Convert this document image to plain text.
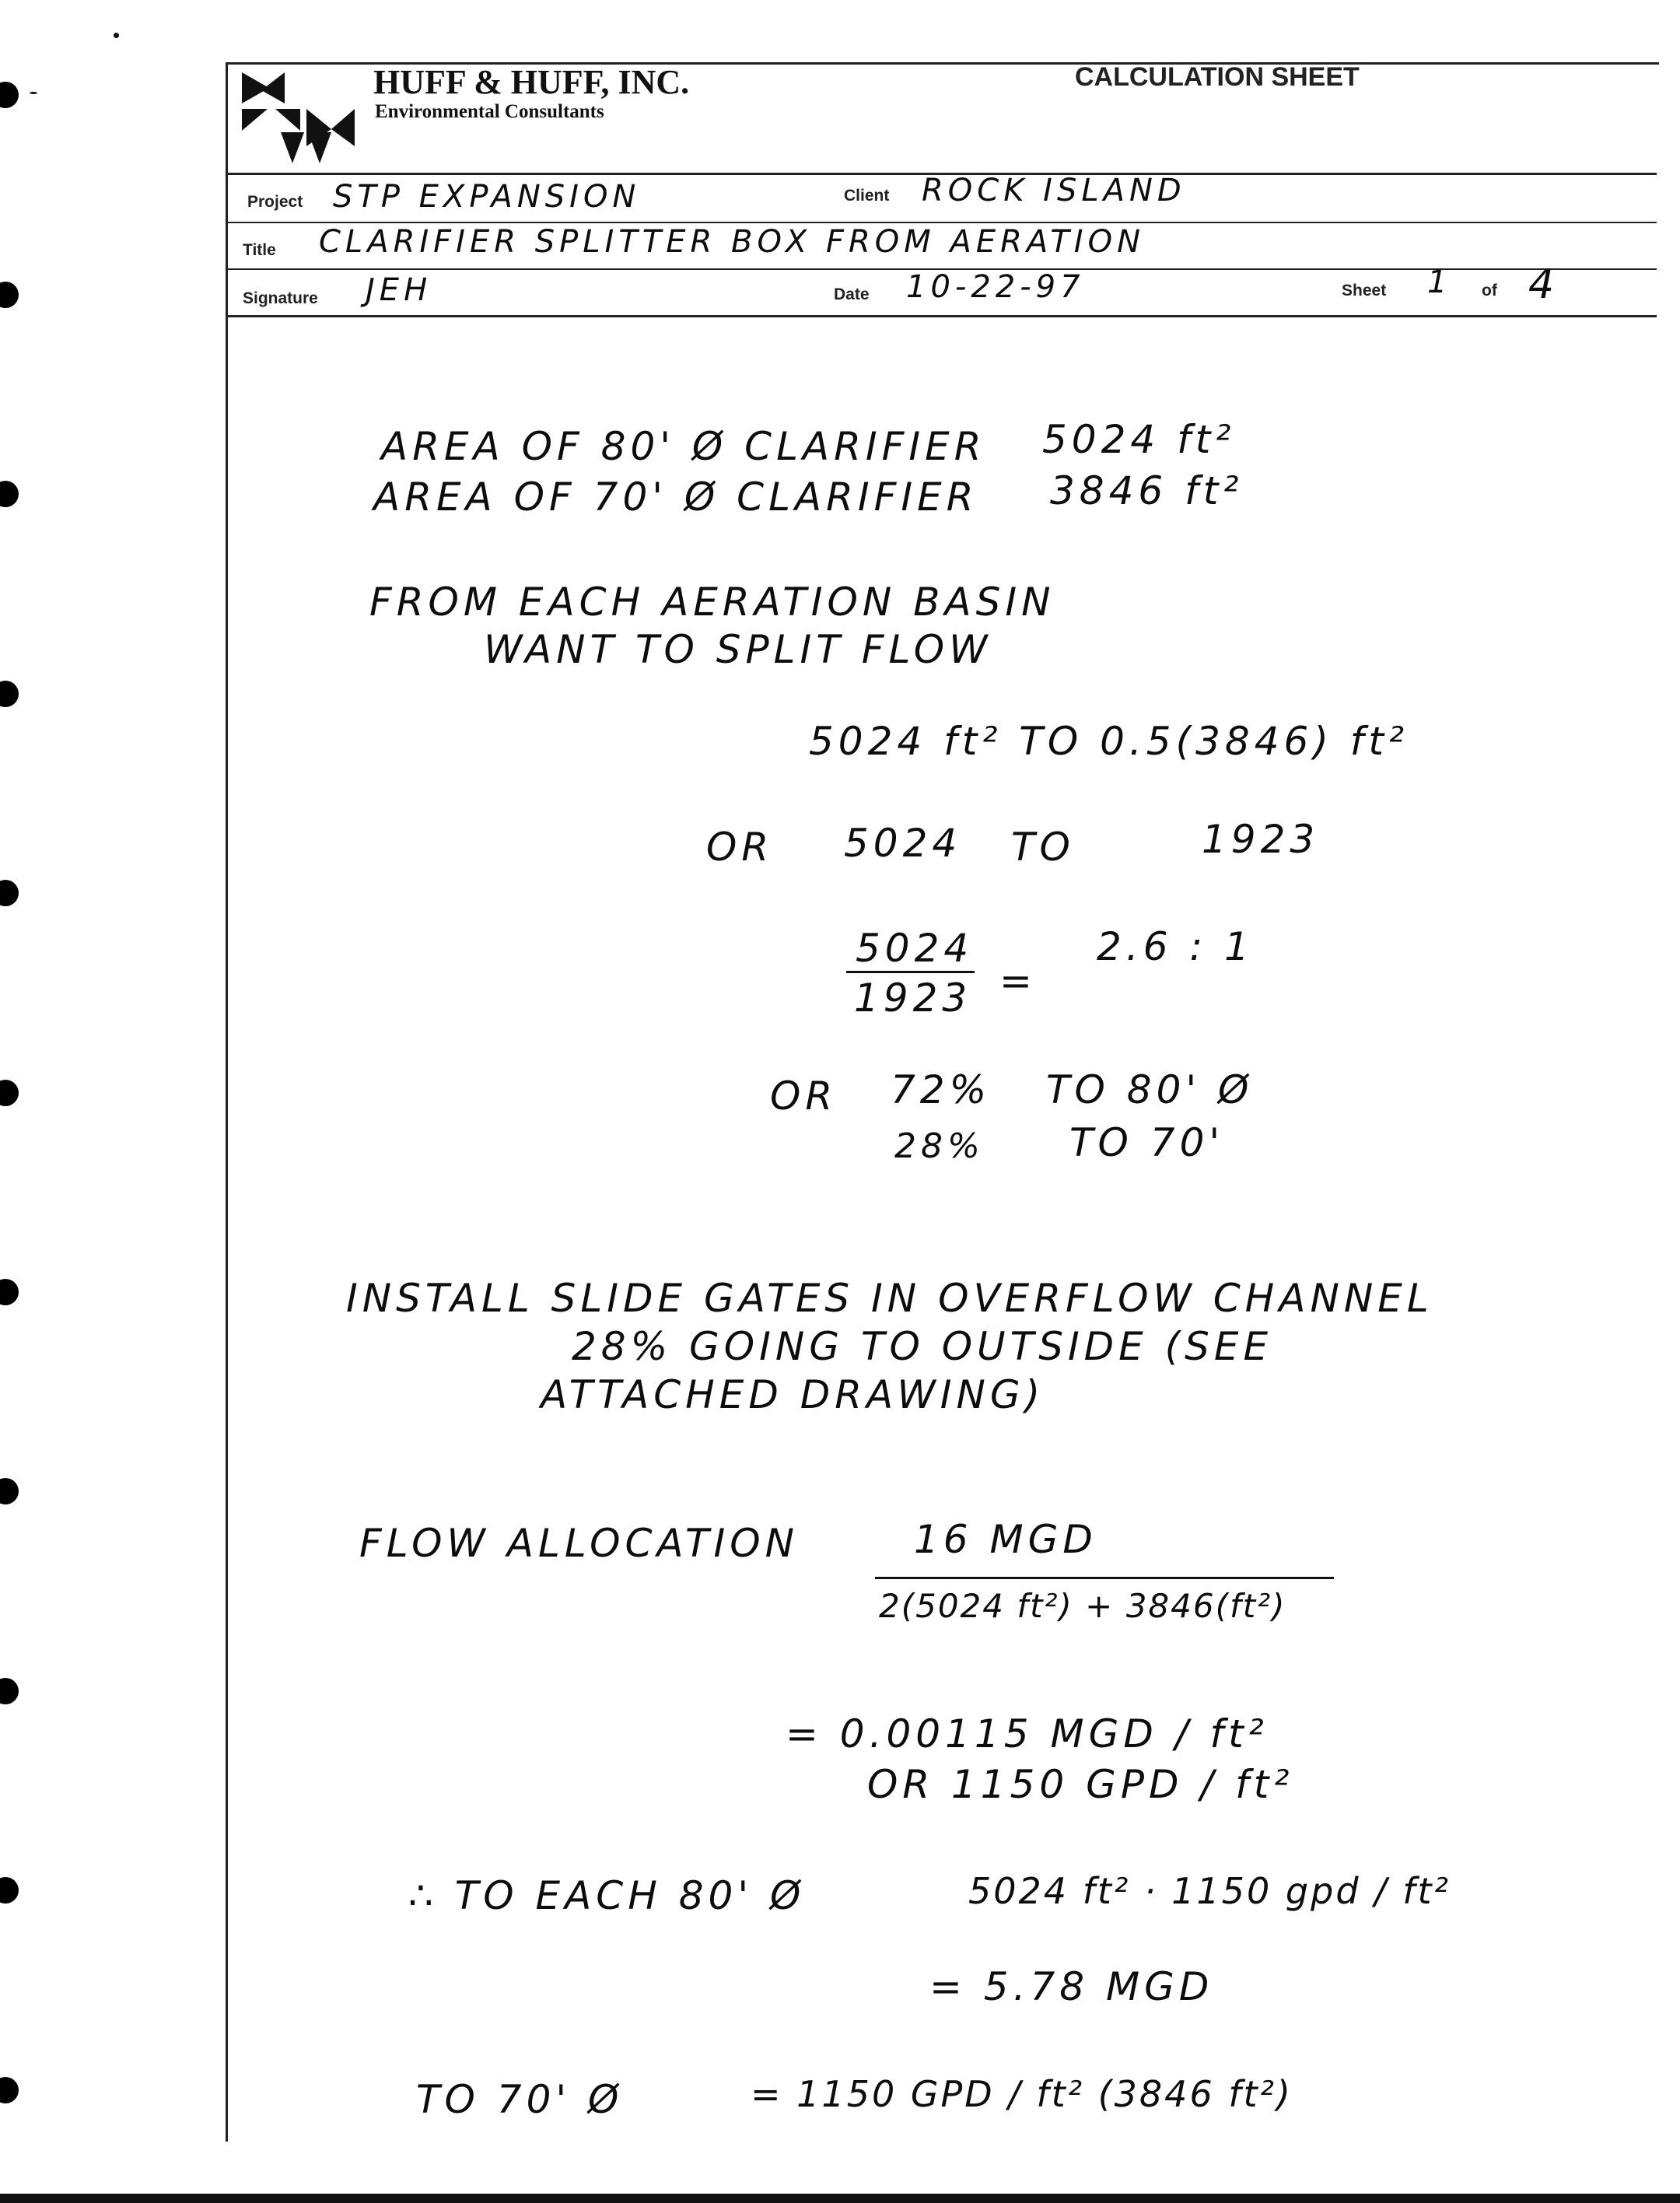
HUFF & HUFF, INC.
Environmental Consultants
CALCULATION SHEET
Project STP EXPANSION	Client ROCK ISLAND
Title CLARIFIER SPLITTER BOX FROM AERATION
Signature JEH	Date 10-22-97	Sheet 1 of 4
AREA OF 80' Ø CLARIFIER 5024 ft²
AREA OF 70' Ø CLARIFIER 3846 ft²
FROM EACH AERATION BASIN
WANT TO SPLIT FLOW
5024 ft² TO 0.5(3846) ft²
OR 5024 TO	1923
5024
1923 =
2.6 : 1
OR 72% TO 80' Ø
28% TO 70'
INSTALL SLIDE GATES IN OVERFLOW CHANNEL
28% GOING TO OUTSIDE (SEE
ATTACHED DRAWING)
FLOW ALLOCATION	16 MGD
2(5024 ft²) + 3846(ft²)
= 0.00115 MGD / ft²
OR 1150 GPD / ft²
∴ TO EACH 80' Ø	5024 ft² · 1150 gpd / ft²
= 5.78 MGD
TO 70' Ø	= 1150 GPD / ft² (3846 ft²)
